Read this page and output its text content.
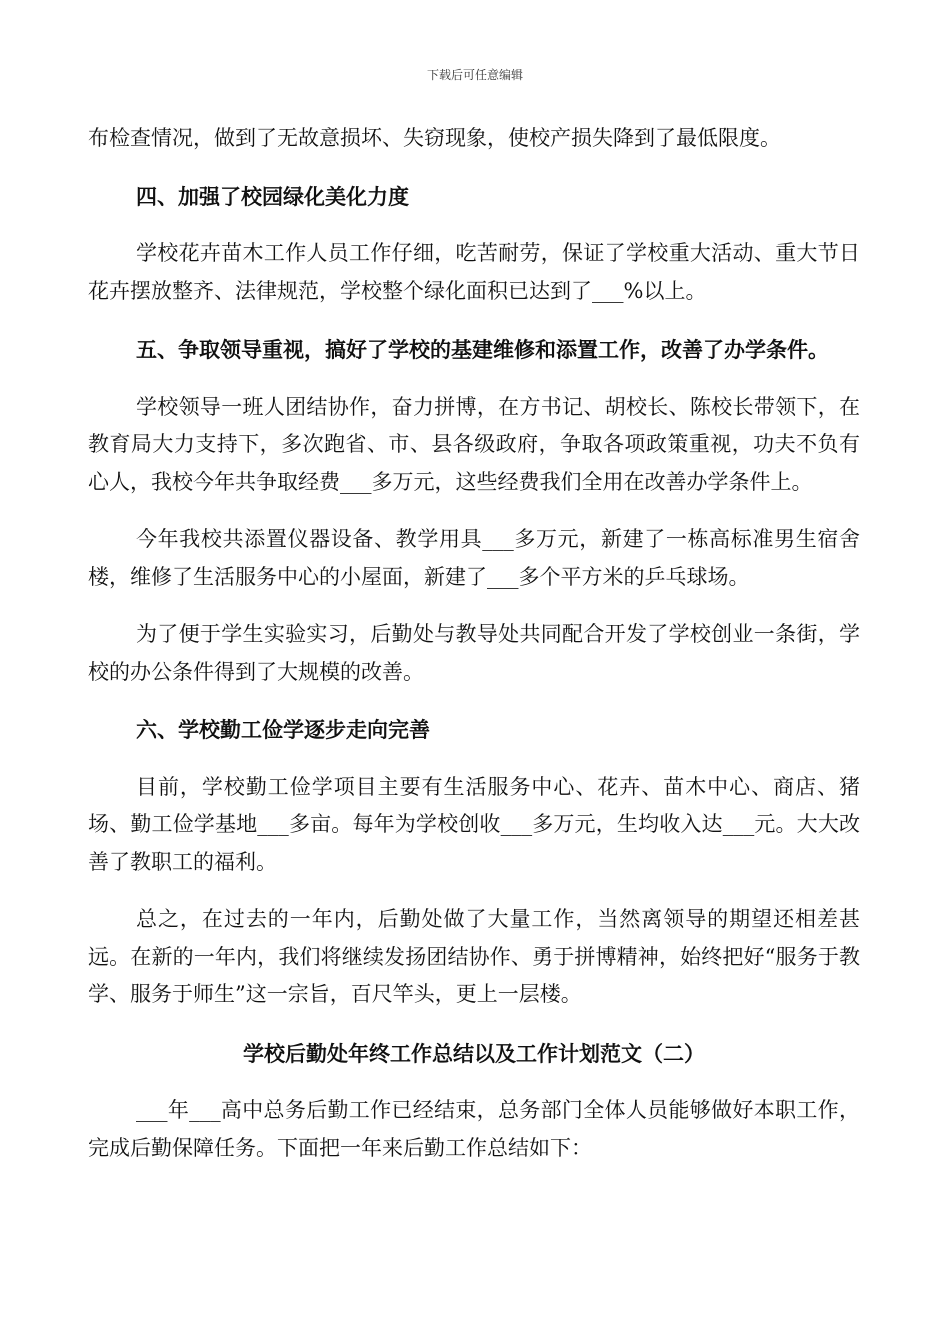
下载后可任意编辑

布检查情况，做到了无故意损坏、失窃现象，使校产损失降到了最低限度。

四、加强了校园绿化美化力度

学校花卉苗木工作人员工作仔细，吃苦耐劳，保证了学校重大活动、重大节日花卉摆放整齐、法律规范，学校整个绿化面积已达到了___%以上。

五、争取领导重视，搞好了学校的基建维修和添置工作，改善了办学条件。

学校领导一班人团结协作，奋力拼博，在方书记、胡校长、陈校长带领下，在教育局大力支持下，多次跑省、市、县各级政府，争取各项政策重视，功夫不负有心人，我校今年共争取经费___多万元，这些经费我们全用在改善办学条件上。

今年我校共添置仪器设备、教学用具___多万元，新建了一栋高标准男生宿舍楼，维修了生活服务中心的小屋面，新建了___多个平方米的乒乓球场。

为了便于学生实验实习，后勤处与教导处共同配合开发了学校创业一条街，学校的办公条件得到了大规模的改善。

六、学校勤工俭学逐步走向完善

目前，学校勤工俭学项目主要有生活服务中心、花卉、苗木中心、商店、猪场、勤工俭学基地___多亩。每年为学校创收___多万元，生均收入达___元。大大改善了教职工的福利。

总之，在过去的一年内，后勤处做了大量工作，当然离领导的期望还相差甚远。在新的一年内，我们将继续发扬团结协作、勇于拼博精神，始终把好“服务于教学、服务于师生”这一宗旨，百尺竿头，更上一层楼。

学校后勤处年终工作总结以及工作计划范文（二）

___年___高中总务后勤工作已经结束，总务部门全体人员能够做好本职工作，完成后勤保障任务。下面把一年来后勤工作总结如下：
